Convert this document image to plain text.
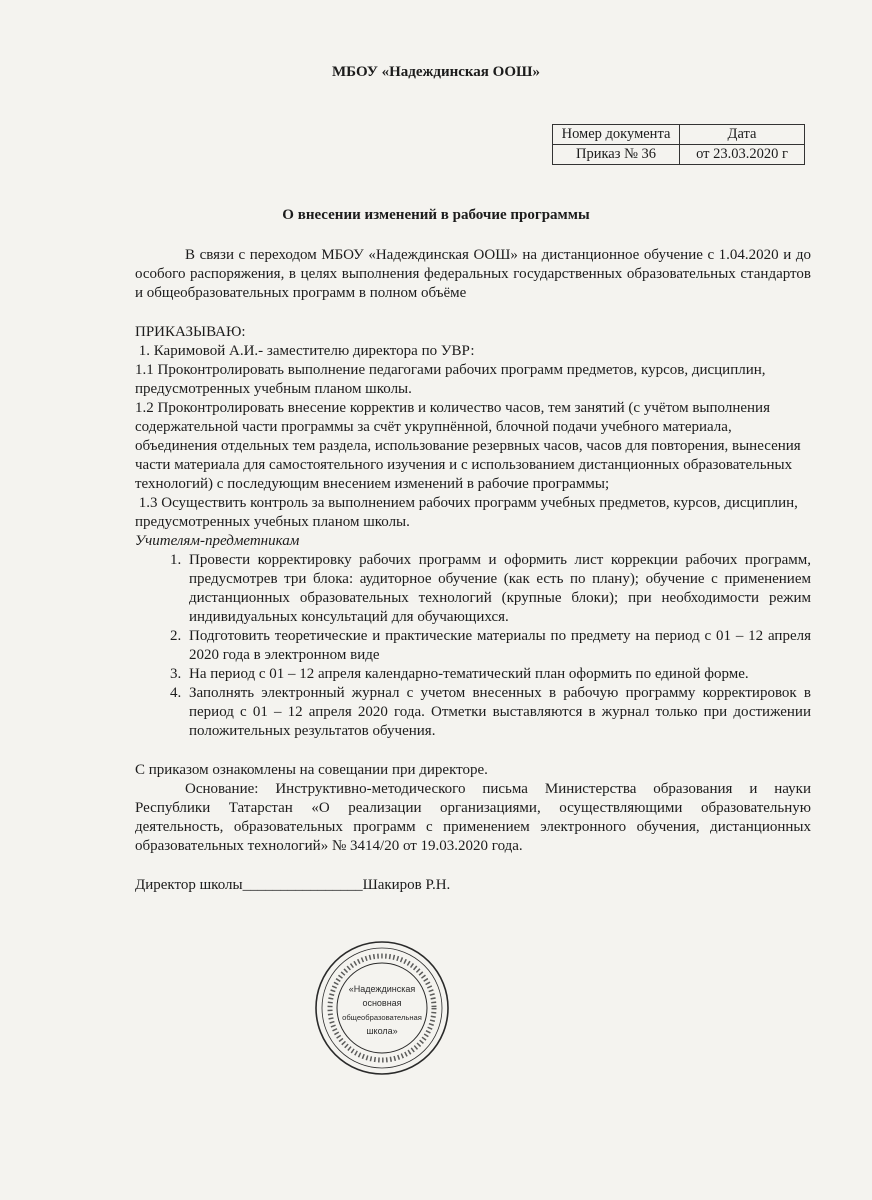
МБОУ «Надеждинская ООШ»
Номер документа	Дата
Приказ № 36	от 23.03.2020 г
О внесении изменений в рабочие программы

В связи с переходом МБОУ «Надеждинская ООШ» на дистанционное обучение с 1.04.2020 и до особого распоряжения, в целях выполнения федеральных государственных образовательных стандартов и общеобразовательных программ в полном объёме

ПРИКАЗЫВАЮ:

1. Каримовой А.И.- заместителю директора по УВР:

1.1 Проконтролировать выполнение педагогами рабочих программ предметов, курсов, дисциплин, предусмотренных учебным планом школы.

1.2 Проконтролировать внесение корректив и количество часов, тем занятий (с учётом выполнения содержательной части программы за счёт укрупнённой, блочной подачи учебного материала, объединения отдельных тем раздела, использование резервных часов, часов для повторения, вынесения части материала для самостоятельного изучения и с использованием дистанционных образовательных технологий) с последующим внесением изменений в рабочие программы;

1.3 Осуществить контроль за выполнением рабочих программ учебных предметов, курсов, дисциплин, предусмотренных учебных планом школы.

Учителям-предметникам

1. Провести корректировку рабочих программ и оформить лист коррекции рабочих программ, предусмотрев три блока: аудиторное обучение (как есть по плану); обучение с применением дистанционных образовательных технологий (крупные блоки); при необходимости режим индивидуальных консультаций для обучающихся.
2. Подготовить теоретические и практические материалы по предмету на период с 01 – 12 апреля 2020 года в электронном виде
3. На период с 01 – 12 апреля календарно-тематический план оформить по единой форме.
4. Заполнять электронный журнал с учетом внесенных в рабочую программу корректировок в период с 01 – 12 апреля 2020 года. Отметки выставляются в журнал только при достижении положительных результатов обучения.

С приказом ознакомлены на совещании при директоре.

Основание: Инструктивно-методического письма Министерства образования и науки Республики Татарстан «О реализации организациями, осуществляющими образовательную деятельность, образовательных программ с применением электронного обучения, дистанционных образовательных технологий» № 3414/20 от 19.03.2020 года.

Директор школы________________Шакиров Р.Н.

«Надеждинская
основная
общеобразовательная
школа»
